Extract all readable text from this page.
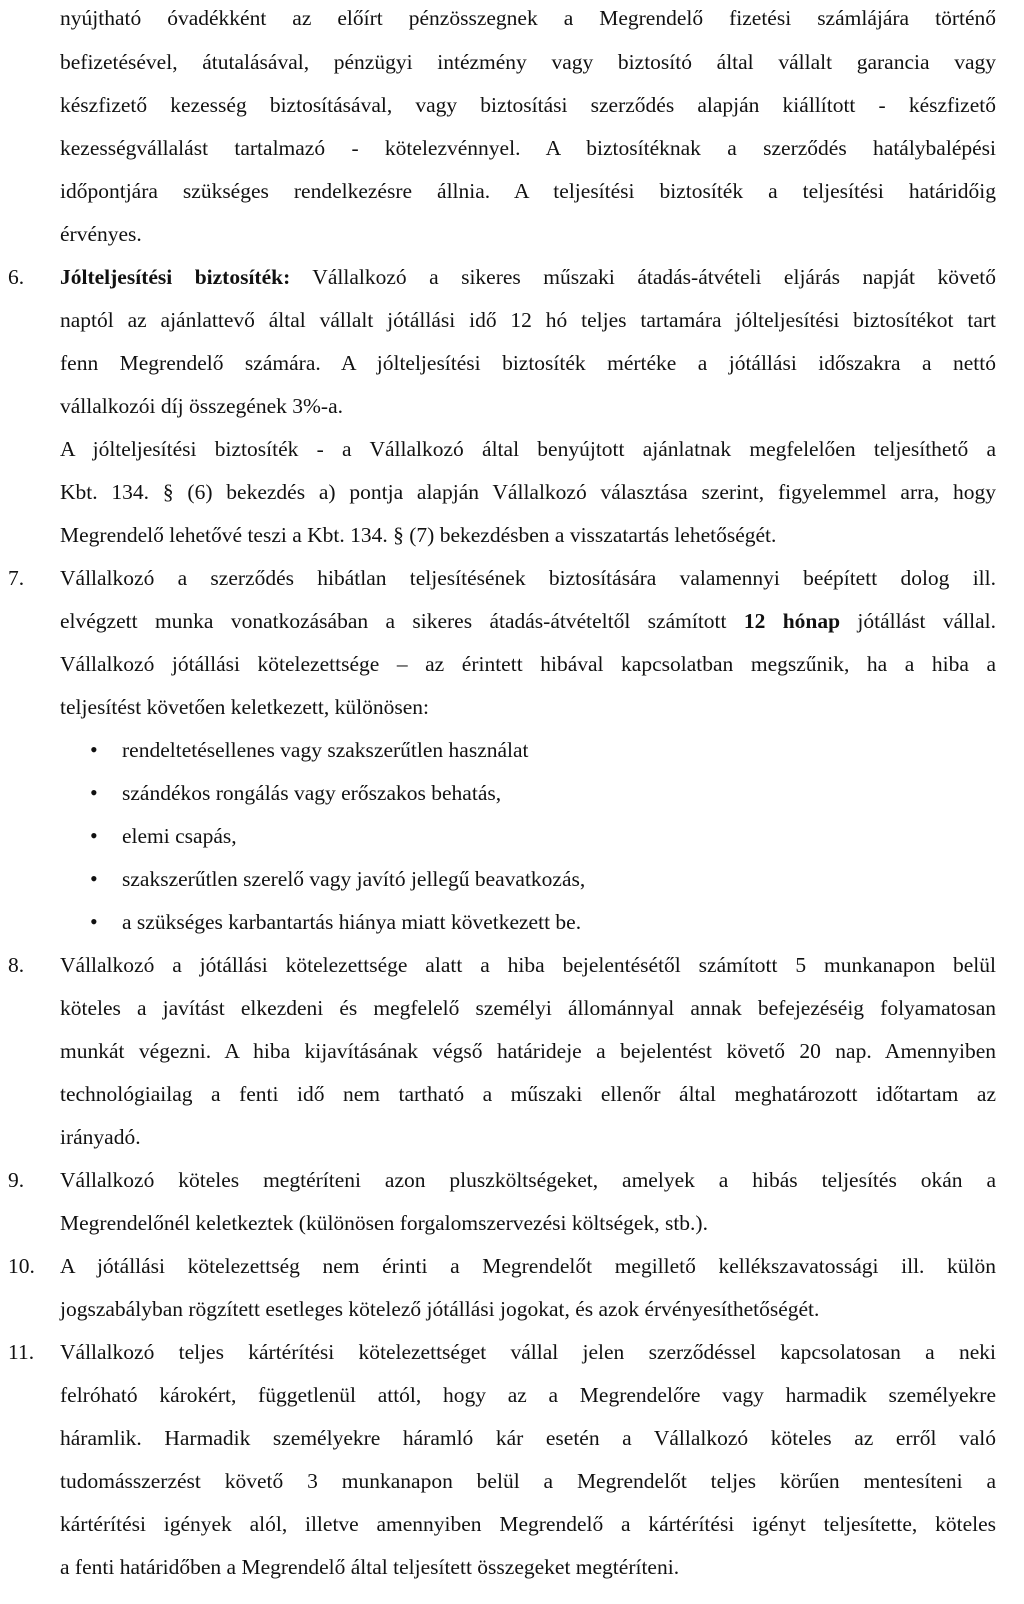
nyújtható óvadékként az előírt pénzösszegnek a Megrendelő fizetési számlájára történő
befizetésével, átutalásával, pénzügyi intézmény vagy biztosító által vállalt garancia vagy
készfizető kezesség biztosításával, vagy biztosítási szerződés alapján kiállított - készfizető
kezességvállalást tartalmazó - kötelezvénnyel. A biztosítéknak a szerződés hatálybalépési
időpontjára szükséges rendelkezésre állnia. A teljesítési biztosíték a teljesítési határidőig
érvényes.
6. Jólteljesítési biztosíték: Vállalkozó a sikeres műszaki átadás-átvételi eljárás napját követő
naptól az ajánlattevő által vállalt jótállási idő 12 hó teljes tartamára jólteljesítési biztosítékot tart
fenn Megrendelő számára. A jólteljesítési biztosíték mértéke a jótállási időszakra a nettó
vállalkozói díj összegének 3%-a.
A jólteljesítési biztosíték - a Vállalkozó által benyújtott ajánlatnak megfelelően teljesíthető a
Kbt. 134. § (6) bekezdés a) pontja alapján Vállalkozó választása szerint, figyelemmel arra, hogy
Megrendelő lehetővé teszi a Kbt. 134. § (7) bekezdésben a visszatartás lehetőségét.
7. Vállalkozó a szerződés hibátlan teljesítésének biztosítására valamennyi beépített dolog ill.
elvégzett munka vonatkozásában a sikeres átadás-átvételtől számított 12 hónap jótállást vállal.
Vállalkozó jótállási kötelezettsége – az érintett hibával kapcsolatban megszűnik, ha a hiba a
teljesítést követően keletkezett, különösen:
• rendeltetésellenes vagy szakszerűtlen használat
• szándékos rongálás vagy erőszakos behatás,
• elemi csapás,
• szakszerűtlen szerelő vagy javító jellegű beavatkozás,
• a szükséges karbantartás hiánya miatt következett be.
8. Vállalkozó a jótállási kötelezettsége alatt a hiba bejelentésétől számított 5 munkanapon belül
köteles a javítást elkezdeni és megfelelő személyi állománnyal annak befejezéséig folyamatosan
munkát végezni. A hiba kijavításának végső határideje a bejelentést követő 20 nap. Amennyiben
technológiailag a fenti idő nem tartható a műszaki ellenőr által meghatározott időtartam az
irányadó.
9. Vállalkozó köteles megtéríteni azon pluszköltségeket, amelyek a hibás teljesítés okán a
Megrendelőnél keletkeztek (különösen forgalomszervezési költségek, stb.).
10. A jótállási kötelezettség nem érinti a Megrendelőt megillető kellékszavatossági ill. külön
jogszabályban rögzített esetleges kötelező jótállási jogokat, és azok érvényesíthetőségét.
11. Vállalkozó teljes kártérítési kötelezettséget vállal jelen szerződéssel kapcsolatosan a neki
felróható károkért, függetlenül attól, hogy az a Megrendelőre vagy harmadik személyekre
háramlik. Harmadik személyekre háramló kár esetén a Vállalkozó köteles az erről való
tudomásszerzést követő 3 munkanapon belül a Megrendelőt teljes körűen mentesíteni a
kártérítési igények alól, illetve amennyiben Megrendelő a kártérítési igényt teljesítette, köteles
a fenti határidőben a Megrendelő által teljesített összegeket megtéríteni.
